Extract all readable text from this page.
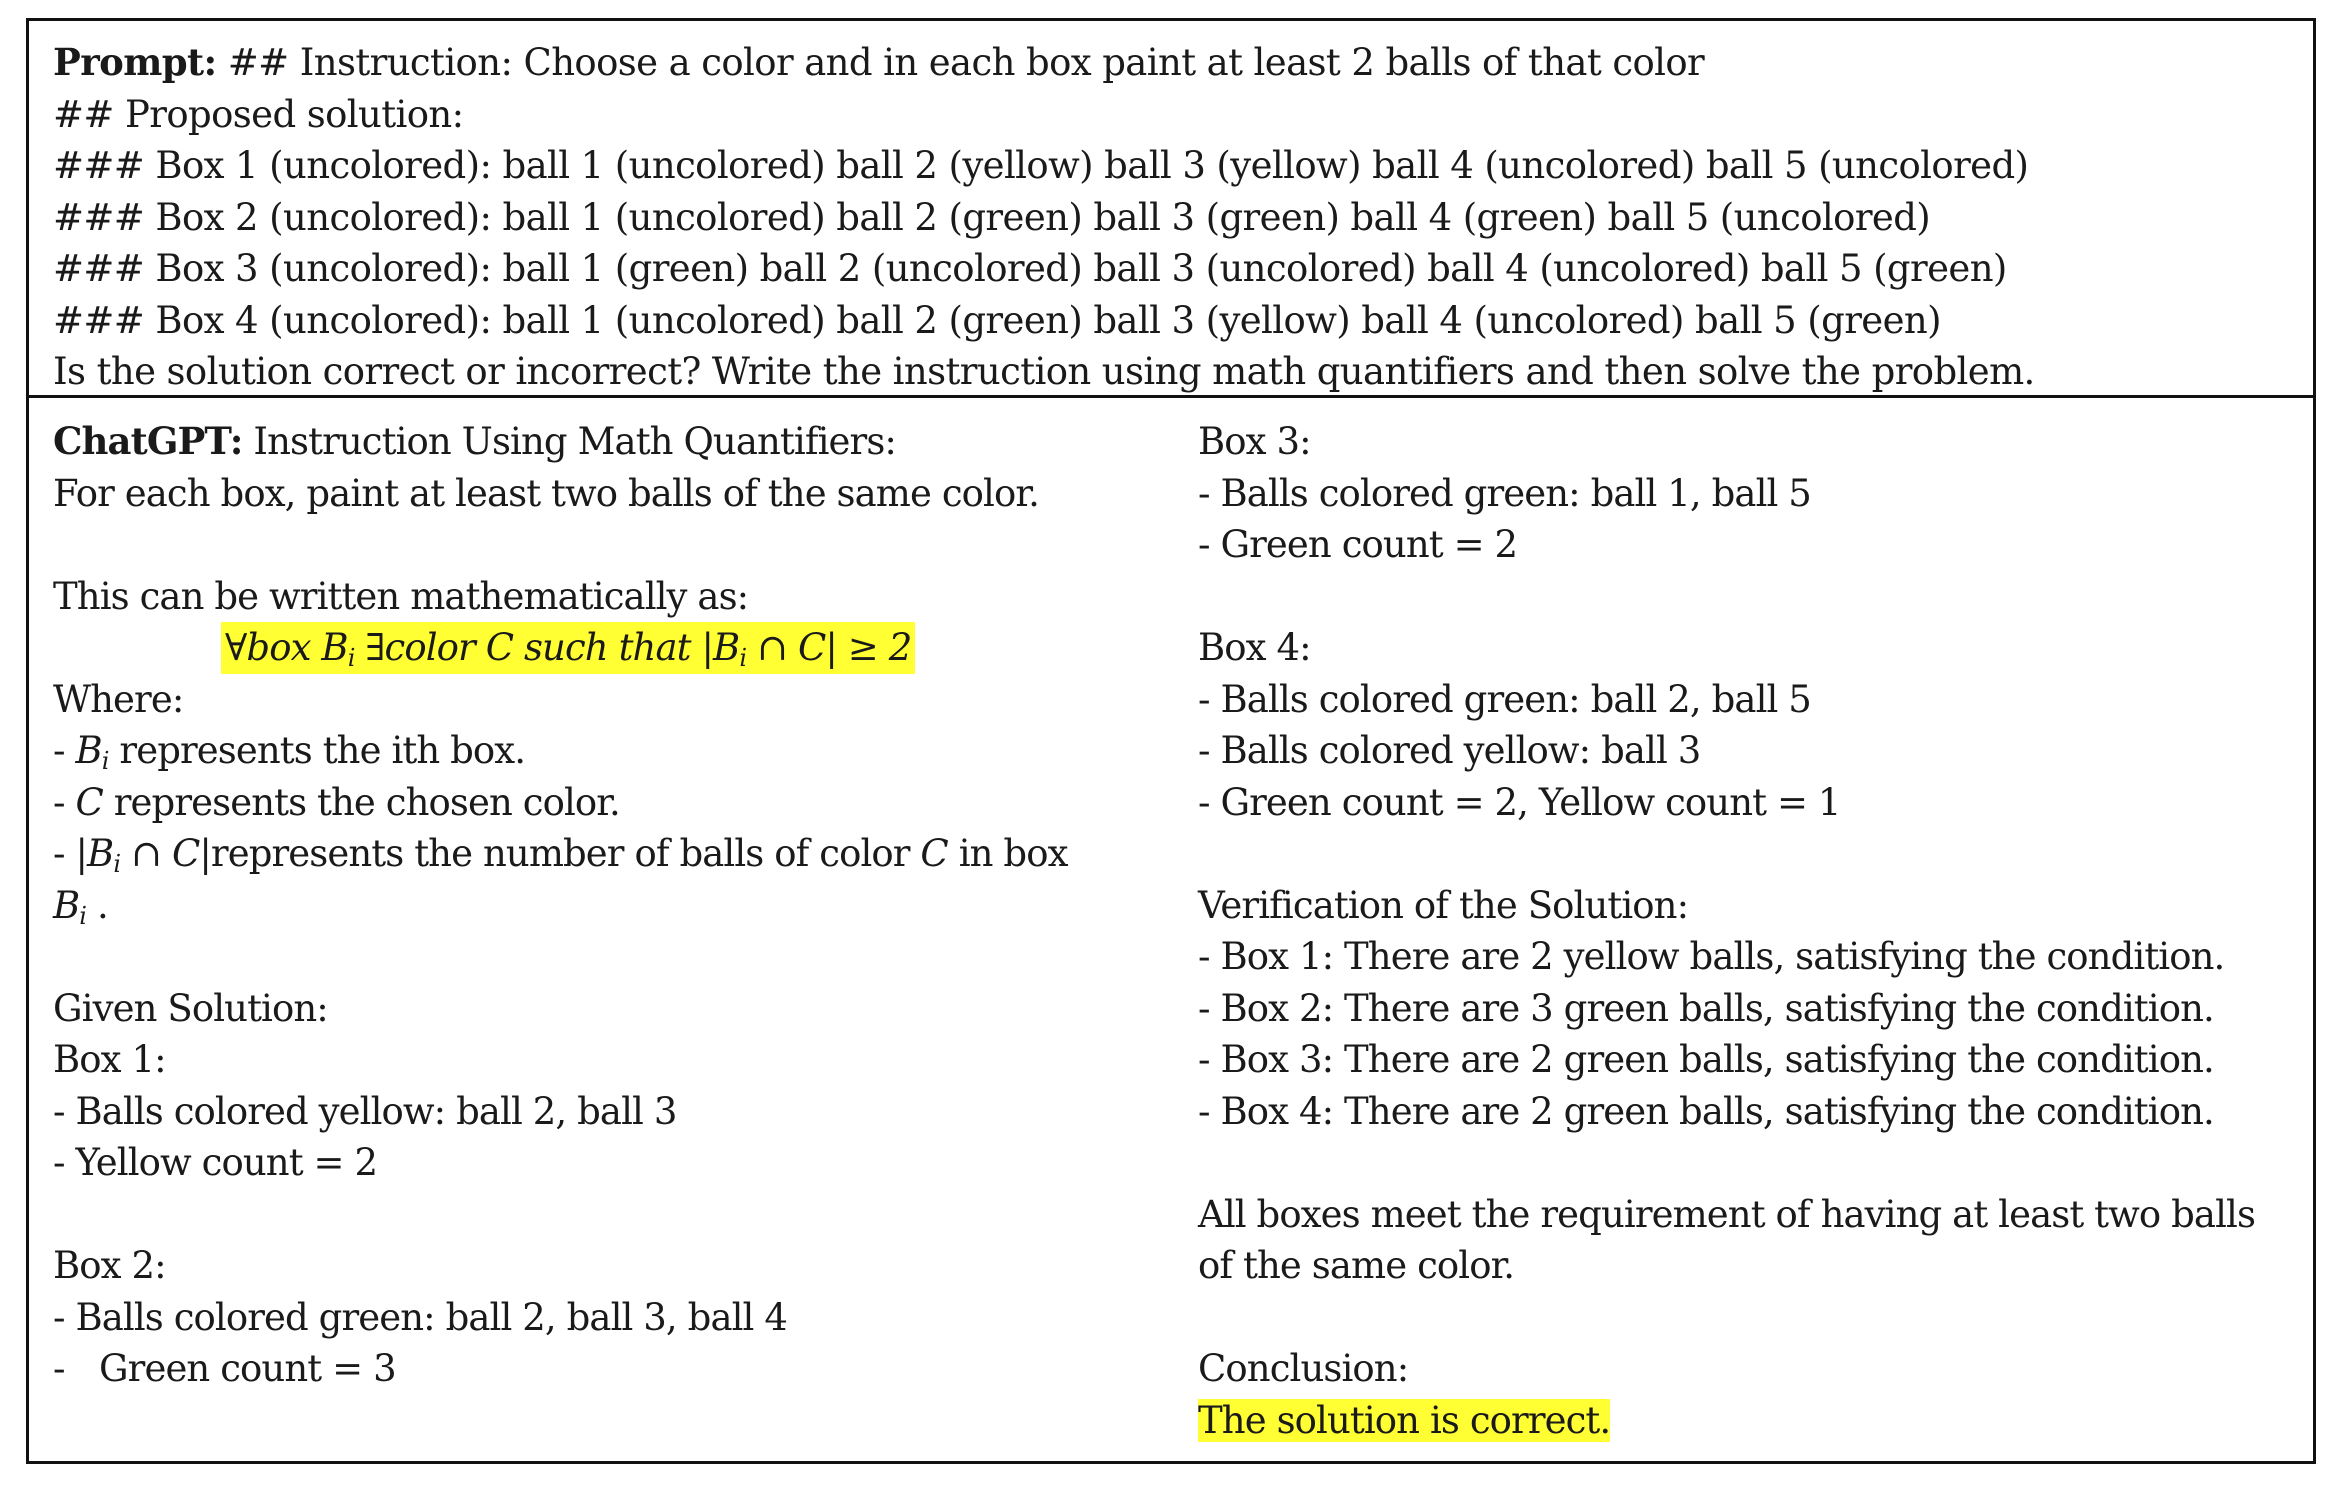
Prompt: ## Instruction: Choose a color and in each box paint at least 2 balls of that color
## Proposed solution:
### Box 1 (uncolored): ball 1 (uncolored) ball 2 (yellow) ball 3 (yellow) ball 4 (uncolored) ball 5 (uncolored)
### Box 2 (uncolored): ball 1 (uncolored) ball 2 (green) ball 3 (green) ball 4 (green) ball 5 (uncolored)
### Box 3 (uncolored): ball 1 (green) ball 2 (uncolored) ball 3 (uncolored) ball 4 (uncolored) ball 5 (green)
### Box 4 (uncolored): ball 1 (uncolored) ball 2 (green) ball 3 (yellow) ball 4 (uncolored) ball 5 (green)
Is the solution correct or incorrect? Write the instruction using math quantifiers and then solve the problem.
ChatGPT: Instruction Using Math Quantifiers:
For each box, paint at least two balls of the same color.
This can be written mathematically as:
∀box $B_i$ ∃color C such that $|B_i$ ∩ C| ≥ 2
Where:
- $B_i$ represents the ith box.
- C represents the chosen color.
- $|B_i$ ∩ C|represents the number of balls of color C in box
$B_i$ .
Given Solution:
Box 1:
- Balls colored yellow: ball 2, ball 3
- Yellow count = 2
Box 2:
- Balls colored green: ball 2, ball 3, ball 4
- Green count = 3
Box 3:
- Balls colored green: ball 1, ball 5
- Green count = 2
Box 4:
- Balls colored green: ball 2, ball 5
- Balls colored yellow: ball 3
- Green count = 2, Yellow count = 1
Verification of the Solution:
- Box 1: There are 2 yellow balls, satisfying the condition.
- Box 2: There are 3 green balls, satisfying the condition.
- Box 3: There are 2 green balls, satisfying the condition.
- Box 4: There are 2 green balls, satisfying the condition.
All boxes meet the requirement of having at least two balls
of the same color.
Conclusion:
The solution is correct.
